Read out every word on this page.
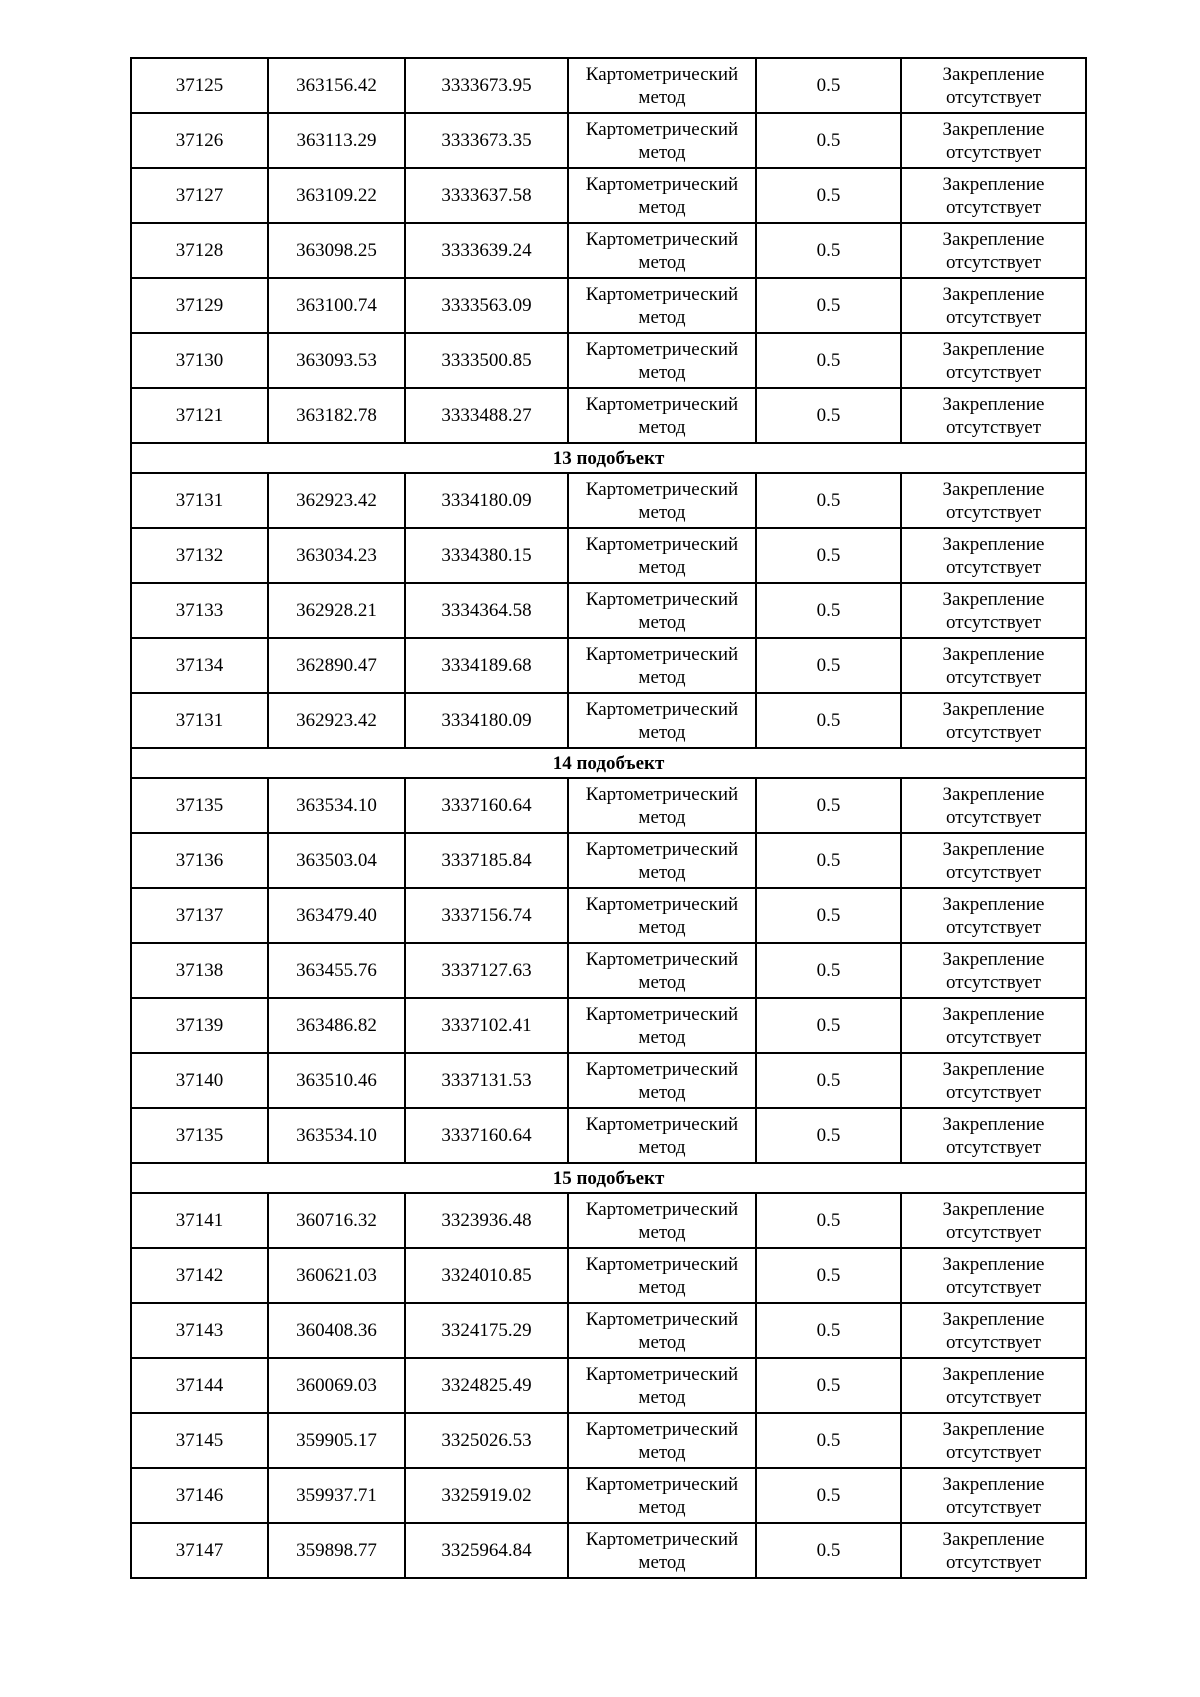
37125	363156.42	3333673.95	Картометрический
метод	0.5	Закрепление
отсутствует

37126	363113.29	3333673.35	Картометрический
метод	0.5	Закрепление
отсутствует

37127	363109.22	3333637.58	Картометрический
метод	0.5	Закрепление
отсутствует

37128	363098.25	3333639.24	Картометрический
метод	0.5	Закрепление
отсутствует

37129	363100.74	3333563.09	Картометрический
метод	0.5	Закрепление
отсутствует

37130	363093.53	3333500.85	Картометрический
метод	0.5	Закрепление
отсутствует

37121	363182.78	3333488.27	Картометрический
метод	0.5	Закрепление
отсутствует

13 подобъект					
37131	362923.42	3334180.09	Картометрический
метод	0.5	Закрепление
отсутствует

37132	363034.23	3334380.15	Картометрический
метод	0.5	Закрепление
отсутствует

37133	362928.21	3334364.58	Картометрический
метод	0.5	Закрепление
отсутствует

37134	362890.47	3334189.68	Картометрический
метод	0.5	Закрепление
отсутствует

37131	362923.42	3334180.09	Картометрический
метод	0.5	Закрепление
отсутствует

14 подобъект					
37135	363534.10	3337160.64	Картометрический
метод	0.5	Закрепление
отсутствует

37136	363503.04	3337185.84	Картометрический
метод	0.5	Закрепление
отсутствует

37137	363479.40	3337156.74	Картометрический
метод	0.5	Закрепление
отсутствует

37138	363455.76	3337127.63	Картометрический
метод	0.5	Закрепление
отсутствует

37139	363486.82	3337102.41	Картометрический
метод	0.5	Закрепление
отсутствует

37140	363510.46	3337131.53	Картометрический
метод	0.5	Закрепление
отсутствует

37135	363534.10	3337160.64	Картометрический
метод	0.5	Закрепление
отсутствует

15 подобъект					
37141	360716.32	3323936.48	Картометрический
метод	0.5	Закрепление
отсутствует

37142	360621.03	3324010.85	Картометрический
метод	0.5	Закрепление
отсутствует

37143	360408.36	3324175.29	Картометрический
метод	0.5	Закрепление
отсутствует

37144	360069.03	3324825.49	Картометрический
метод	0.5	Закрепление
отсутствует

37145	359905.17	3325026.53	Картометрический
метод	0.5	Закрепление
отсутствует

37146	359937.71	3325919.02	Картометрический
метод	0.5	Закрепление
отсутствует

37147	359898.77	3325964.84	Картометрический
метод	0.5	Закрепление
отсутствует
